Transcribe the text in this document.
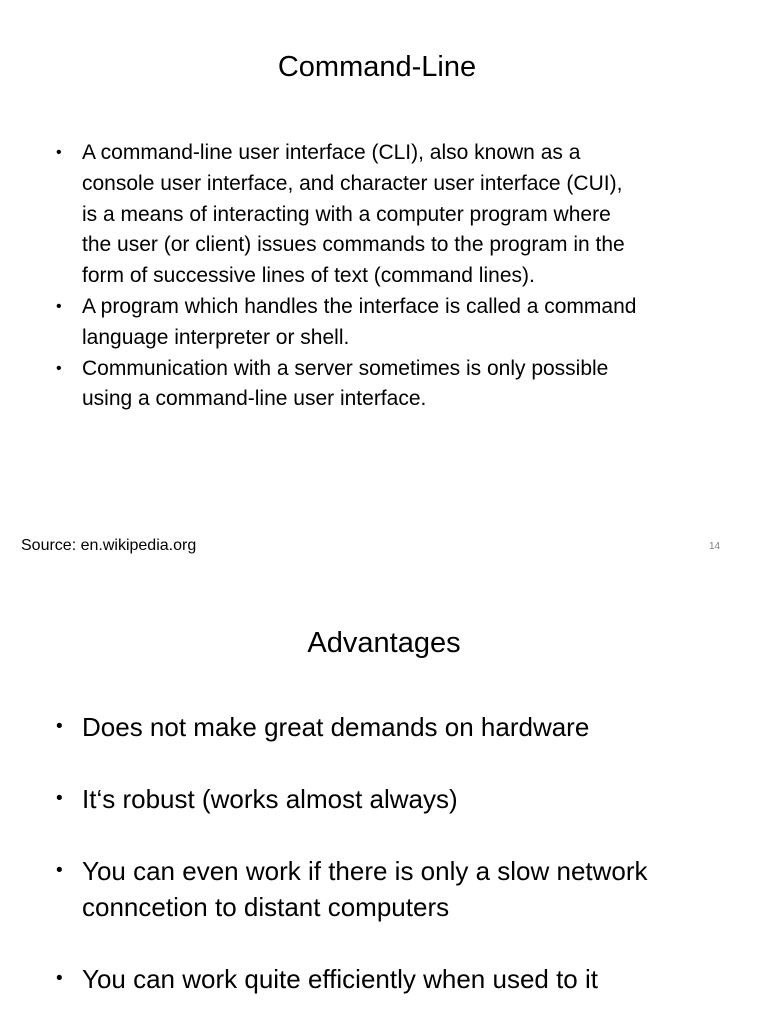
Command-Line
• A command-line user interface (CLI), also known as a console user interface, and character user interface (CUI), is a means of interacting with a computer program where the user (or client) issues commands to the program in the form of successive lines of text (command lines).
• A program which handles the interface is called a command language interpreter or shell.
• Communication with a server sometimes is only possible using a command-line user interface.
Source: en.wikipedia.org	14
Advantages
• Does not make great demands on hardware
• It‘s robust (works almost always)
• You can even work if there is only a slow network conncetion to distant computers
• You can work quite efficiently when used to it
